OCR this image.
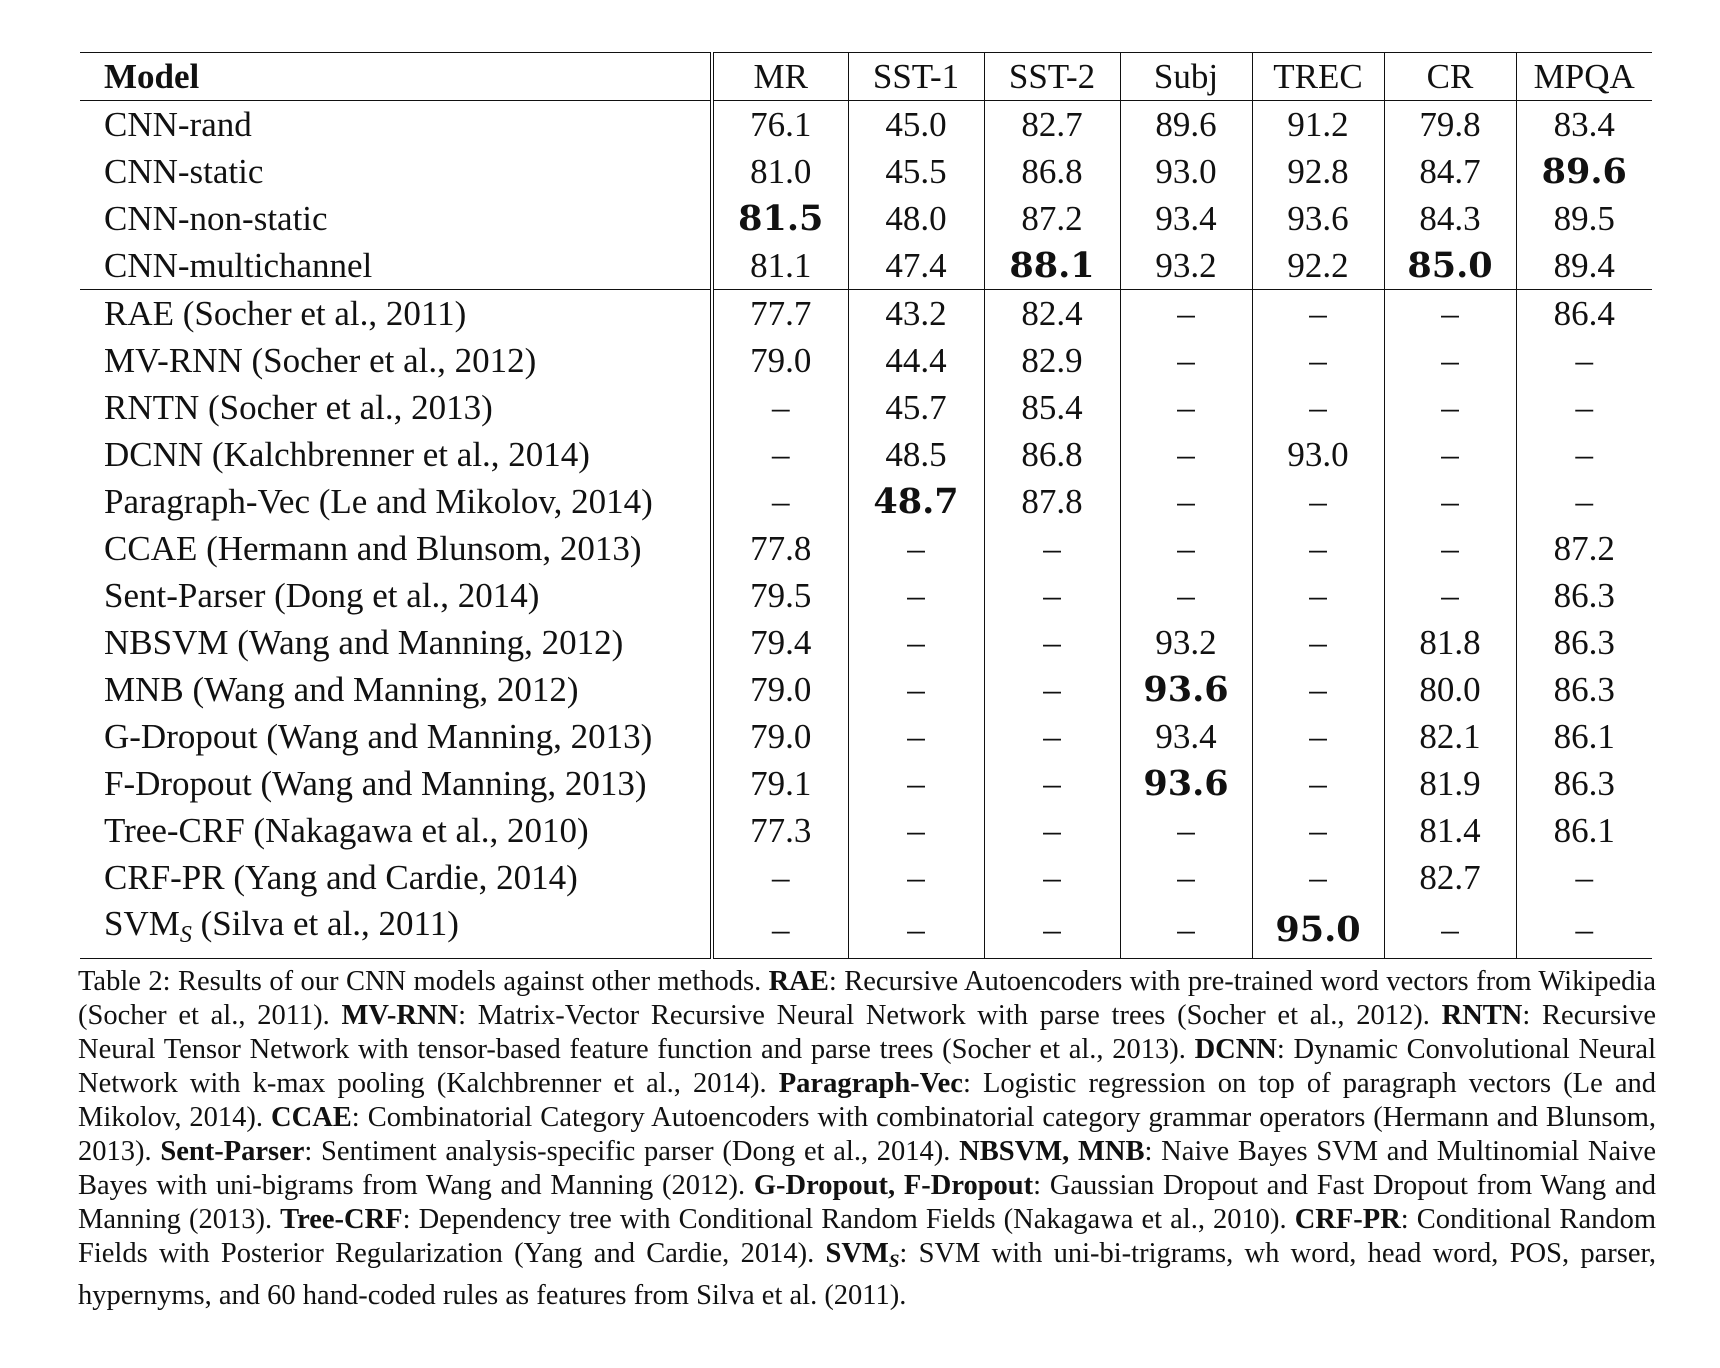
Model	MR	SST-1	SST-2	Subj	TREC	CR	MPQA
CNN-rand	76.1	45.0	82.7	89.6	91.2	79.8	83.4
CNN-static	81.0	45.5	86.8	93.0	92.8	84.7	89.6
CNN-non-static	81.5	48.0	87.2	93.4	93.6	84.3	89.5
CNN-multichannel	81.1	47.4	88.1	93.2	92.2	85.0	89.4
RAE (Socher et al., 2011)	77.7	43.2	82.4	–	–	–	86.4
MV-RNN (Socher et al., 2012)	79.0	44.4	82.9	–	–	–	–
RNTN (Socher et al., 2013)	–	45.7	85.4	–	–	–	–
DCNN (Kalchbrenner et al., 2014)	–	48.5	86.8	–	93.0	–	–
Paragraph-Vec (Le and Mikolov, 2014)	–	48.7	87.8	–	–	–	–
CCAE (Hermann and Blunsom, 2013)	77.8	–	–	–	–	–	87.2
Sent-Parser (Dong et al., 2014)	79.5	–	–	–	–	–	86.3
NBSVM (Wang and Manning, 2012)	79.4	–	–	93.2	–	81.8	86.3
MNB (Wang and Manning, 2012)	79.0	–	–	93.6	–	80.0	86.3
G-Dropout (Wang and Manning, 2013)	79.0	–	–	93.4	–	82.1	86.1
F-Dropout (Wang and Manning, 2013)	79.1	–	–	93.6	–	81.9	86.3
Tree-CRF (Nakagawa et al., 2010)	77.3	–	–	–	–	81.4	86.1
CRF-PR (Yang and Cardie, 2014)	–	–	–	–	–	82.7	–
$SVM_S$ (Silva et al., 2011)	–	–	–	–	95.0	–	–

Table 2: Results of our CNN models against other methods. RAE: Recursive Autoencoders with pre-trained word vectors from Wikipedia (Socher et al., 2011). MV-RNN: Matrix-Vector Recursive Neural Network with parse trees (Socher et al., 2012). RNTN: Recursive Neural Tensor Network with tensor-based feature function and parse trees (Socher et al., 2013). DCNN: Dynamic Convolutional Neural Network with k-max pooling (Kalchbrenner et al., 2014). Paragraph-Vec: Logistic regression on top of paragraph vectors (Le and Mikolov, 2014). CCAE: Combinatorial Category Autoencoders with combinatorial category grammar operators (Hermann and Blunsom, 2013). Sent-Parser: Sentiment analysis-specific parser (Dong et al., 2014). NBSVM, MNB: Naive Bayes SVM and Multinomial Naive Bayes with uni-bigrams from Wang and Manning (2012). G-Dropout, F-Dropout: Gaussian Dropout and Fast Dropout from Wang and Manning (2013). Tree-CRF: Dependency tree with Conditional Random Fields (Nakagawa et al., 2010). CRF-PR: Conditional Random Fields with Posterior Regularization (Yang and Cardie, 2014). $SVM_S$: SVM with uni-bi-trigrams, wh word, head word, POS, parser, hypernyms, and 60 hand-coded rules as features from Silva et al. (2011).
